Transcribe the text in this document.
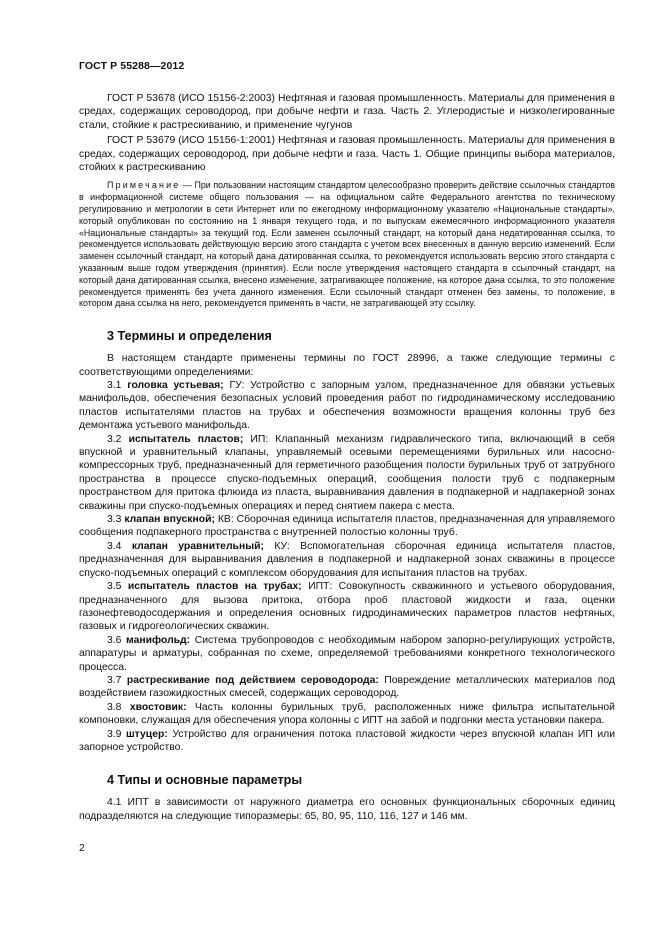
ГОСТ Р 55288—2012

ГОСТ Р 53678 (ИСО 15156-2:2003) Нефтяная и газовая промышленность. Материалы для применения в средах, содержащих сероводород, при добыче нефти и газа. Часть 2. Углеродистые и низколегированные стали, стойкие к растрескиванию, и применение чугунов

ГОСТ Р 53679 (ИСО 15156-1:2001) Нефтяная и газовая промышленность. Материалы для применения в средах, содержащих сероводород, при добыче нефти и газа. Часть 1. Общие принципы выбора материалов, стойких к растрескиванию

Примечание — При пользовании настоящим стандартом целесообразно проверить действие ссылочных стандартов в информационной системе общего пользования — на официальном сайте Федерального агентства по техническому регулированию и метрологии в сети Интернет или по ежегодному информационному указателю «Национальные стандарты», который опубликован по состоянию на 1 января текущего года, и по выпускам ежемесячного информационного указателя «Национальные стандарты» за текущий год. Если заменен ссылочный стандарт, на который дана недатированная ссылка, то рекомендуется использовать действующую версию этого стандарта с учетом всех внесенных в данную версию изменений. Если заменен ссылочный стандарт, на который дана датированная ссылка, то рекомендуется использовать версию этого стандарта с указанным выше годом утверждения (принятия). Если после утверждения настоящего стандарта в ссылочный стандарт, на который дана датированная ссылка, внесено изменение, затрагивающее положение, на которое дана ссылка, то это положение рекомендуется применять без учета данного изменения. Если ссылочный стандарт отменен без замены, то положение, в котором дана ссылка на него, рекомендуется применять в части, не затрагивающей эту ссылку.

3 Термины и определения

В настоящем стандарте применены термины по ГОСТ 28996, а также следующие термины с соответствующими определениями:

3.1 головка устьевая; ГУ: Устройство с запорным узлом, предназначенное для обвязки устьевых манифольдов, обеспечения безопасных условий проведения работ по гидродинамическому исследованию пластов испытателями пластов на трубах и обеспечения возможности вращения колонны труб без демонтажа устьевого манифольда.

3.2 испытатель пластов; ИП: Клапанный механизм гидравлического типа, включающий в себя впускной и уравнительный клапаны, управляемый осевыми перемещениями бурильных или насосно-компрессорных труб, предназначенный для герметичного разобщения полости бурильных труб от затрубного пространства в процессе спуско-подъемных операций, сообщения полости труб с подпакерным пространством для притока флюида из пласта, выравнивания давления в подпакерной и надпакерной зонах скважины при спуско-подъемных операциях и перед снятием пакера с места.

3.3 клапан впускной; КВ: Сборочная единица испытателя пластов, предназначенная для управляемого сообщения подпакерного пространства с внутренней полостью колонны труб.

3.4 клапан уравнительный; КУ: Вспомогательная сборочная единица испытателя пластов, предназначенная для выравнивания давления в подпакерной и надпакерной зонах скважины в процессе спуско-подъемных операций с комплексом оборудования для испытания пластов на трубах.

3.5 испытатель пластов на трубах; ИПТ: Совокупность скважинного и устьевого оборудования, предназначенного для вызова притока, отбора проб пластовой жидкости и газа, оценки газонефтеводосодержания и определения основных гидродинамических параметров пластов нефтяных, газовых и гидрогеологических скважин.

3.6 манифольд: Система трубопроводов с необходимым набором запорно-регулирующих устройств, аппаратуры и арматуры, собранная по схеме, определяемой требованиями конкретного технологического процесса.

3.7 растрескивание под действием сероводорода: Повреждение металлических материалов под воздействием газожидкостных смесей, содержащих сероводород.

3.8 хвостовик: Часть колонны бурильных труб, расположенных ниже фильтра испытательной компоновки, служащая для обеспечения упора колонны с ИПТ на забой и подгонки места установки пакера.

3.9 штуцер: Устройство для ограничения потока пластовой жидкости через впускной клапан ИП или запорное устройство.

4 Типы и основные параметры

4.1 ИПТ в зависимости от наружного диаметра его основных функциональных сборочных единиц подразделяются на следующие типоразмеры: 65, 80, 95, 110, 116, 127 и 146 мм.

2
